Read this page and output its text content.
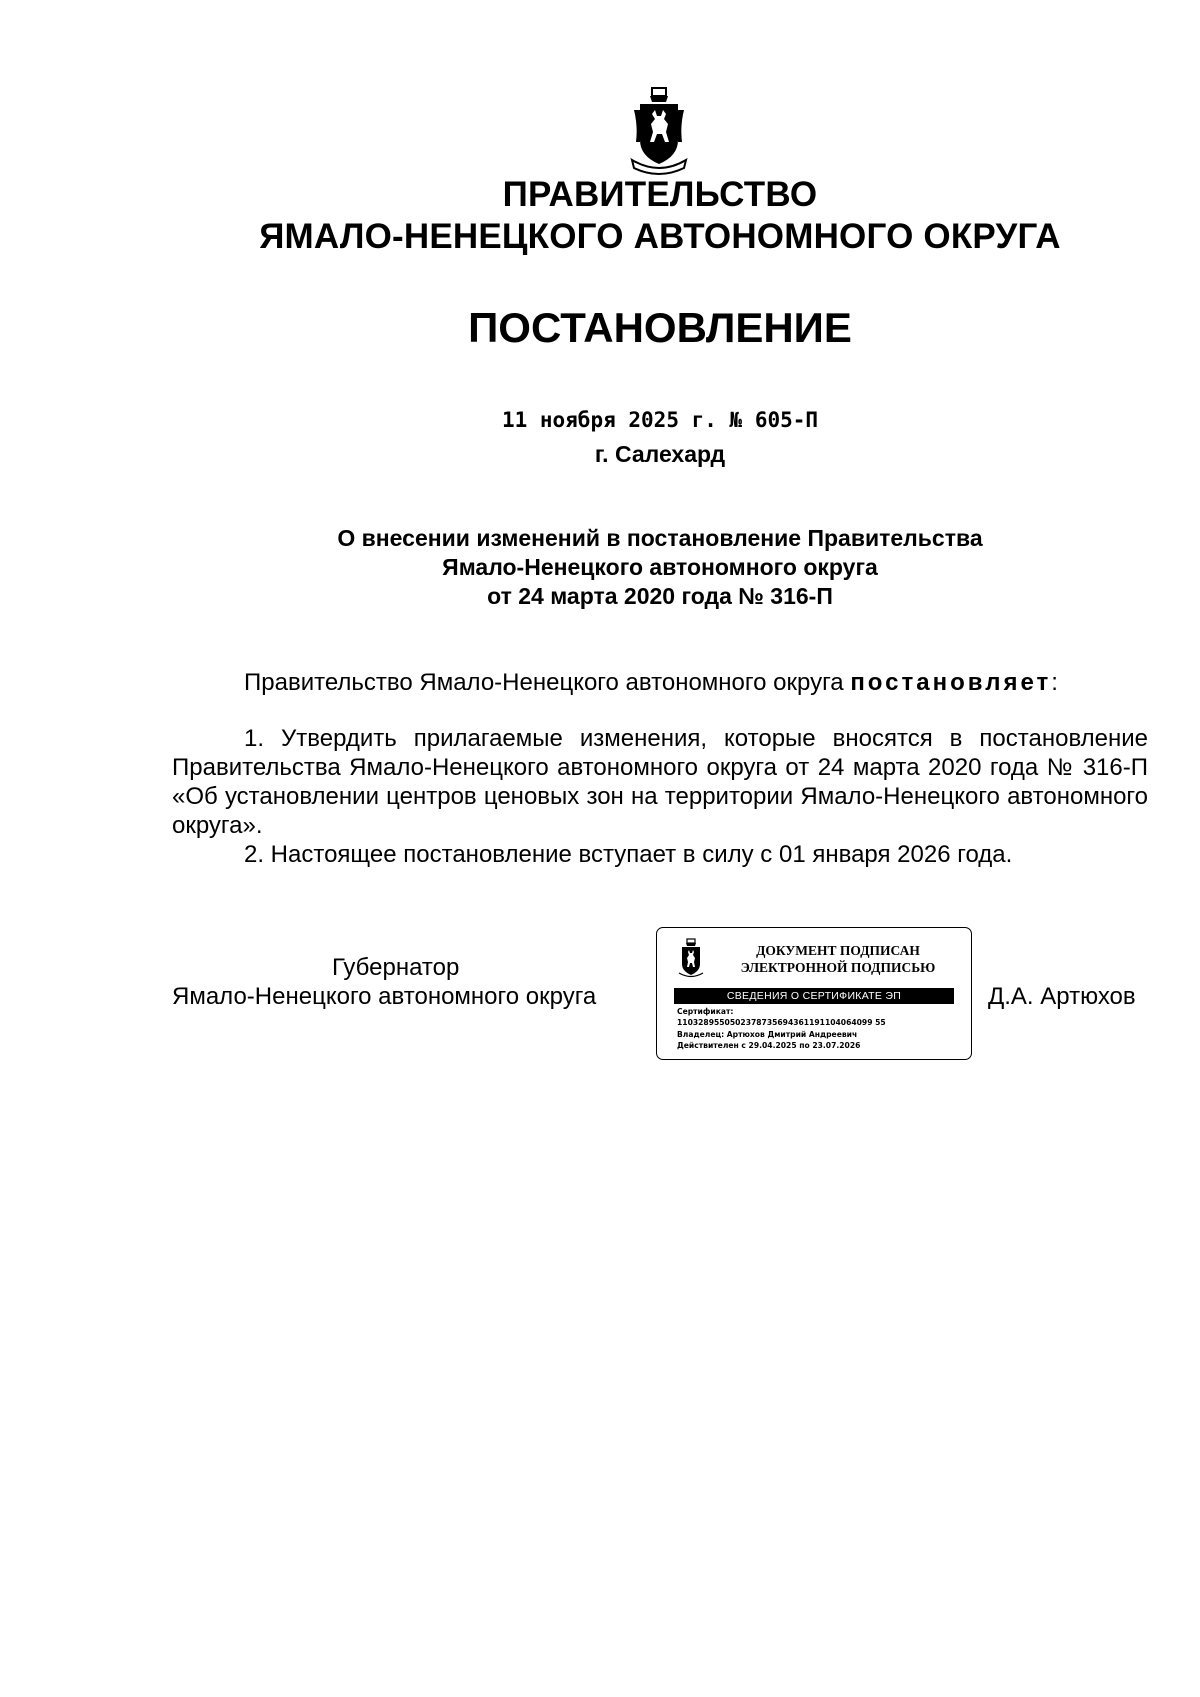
ПРАВИТЕЛЬСТВО
ЯМАЛО-НЕНЕЦКОГО АВТОНОМНОГО ОКРУГА
ПОСТАНОВЛЕНИЕ
11 ноября 2025 г. № 605-П
г. Салехард
О внесении изменений в постановление Правительства
Ямало-Ненецкого автономного округа
от 24 марта 2020 года № 316-П

Правительство Ямало-Ненецкого автономного округа постановляет:

1. Утвердить прилагаемые изменения, которые вносятся в постановление Правительства Ямало-Ненецкого автономного округа от 24 марта 2020 года № 316-П «Об установлении центров ценовых зон на территории Ямало-Ненецкого автономного округа».

2. Настоящее постановление вступает в силу с 01 января 2026 года.

Губернатор
Ямало-Ненецкого автономного округа
ДОКУМЕНТ ПОДПИСАН
ЭЛЕКТРОННОЙ ПОДПИСЬЮ
СВЕДЕНИЯ О СЕРТИФИКАТЕ ЭП
Сертификат:
1103289550502378735694361191104064099 55
Владелец: Артюхов Дмитрий Андреевич
Действителен с 29.04.2025 по 23.07.2026
Д.А. Артюхов
